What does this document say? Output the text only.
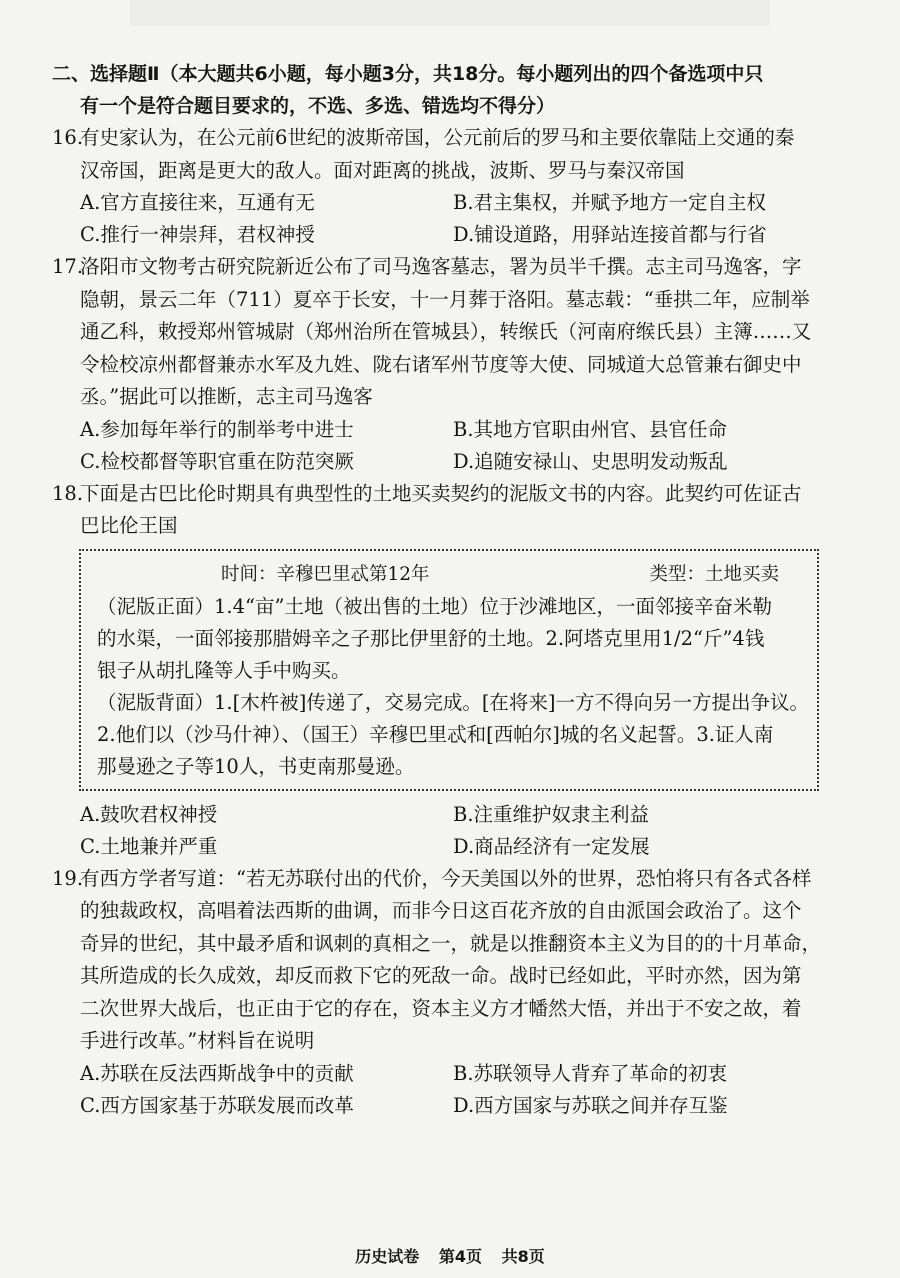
二、选择题Ⅱ（本大题共6小题，每小题3分，共18分。每小题列出的四个备选项中只
有一个是符合题目要求的，不选、多选、错选均不得分）
16.有史家认为，在公元前6世纪的波斯帝国，公元前后的罗马和主要依靠陆上交通的秦
汉帝国，距离是更大的敌人。面对距离的挑战，波斯、罗马与秦汉帝国
A.官方直接往来，互通有无	B.君主集权，并赋予地方一定自主权
C.推行一神崇拜，君权神授	D.铺设道路，用驿站连接首都与行省
17.洛阳市文物考古研究院新近公布了司马逸客墓志，署为员半千撰。志主司马逸客，字
隐朝，景云二年（711）夏卒于长安，十一月葬于洛阳。墓志载：“垂拱二年，应制举
通乙科，敕授郑州管城尉（郑州治所在管城县），转缑氏（河南府缑氏县）主簿……又
令检校凉州都督兼赤水军及九姓、陇右诸军州节度等大使、同城道大总管兼右御史中
丞。”据此可以推断，志主司马逸客
A.参加每年举行的制举考中进士	B.其地方官职由州官、县官任命
C.检校都督等职官重在防范突厥	D.追随安禄山、史思明发动叛乱
18.下面是古巴比伦时期具有典型性的土地买卖契约的泥版文书的内容。此契约可佐证古
巴比伦王国
时间：辛穆巴里忒第12年	类型：土地买卖
（泥版正面）1.4“亩”土地（被出售的土地）位于沙滩地区，一面邻接辛奋米勒
的水渠，一面邻接那腊姆辛之子那比伊里舒的土地。2.阿塔克里用1/2“斤”4钱
银子从胡扎隆等人手中购买。
（泥版背面）1.[木杵被]传递了，交易完成。[在将来]一方不得向另一方提出争议。
2.他们以（沙马什神）、（国王）辛穆巴里忒和[西帕尔]城的名义起誓。3.证人南
那曼逊之子等10人，书吏南那曼逊。
A.鼓吹君权神授	B.注重维护奴隶主利益
C.土地兼并严重	D.商品经济有一定发展
19.有西方学者写道：“若无苏联付出的代价，今天美国以外的世界，恐怕将只有各式各样
的独裁政权，高唱着法西斯的曲调，而非今日这百花齐放的自由派国会政治了。这个
奇异的世纪，其中最矛盾和讽刺的真相之一，就是以推翻资本主义为目的的十月革命，
其所造成的长久成效，却反而救下它的死敌一命。战时已经如此，平时亦然，因为第
二次世界大战后，也正由于它的存在，资本主义方才幡然大悟，并出于不安之故，着
手进行改革。”材料旨在说明
A.苏联在反法西斯战争中的贡献	B.苏联领导人背弃了革命的初衷
C.西方国家基于苏联发展而改革	D.西方国家与苏联之间并存互鉴
历史试卷 第4页 共8页
